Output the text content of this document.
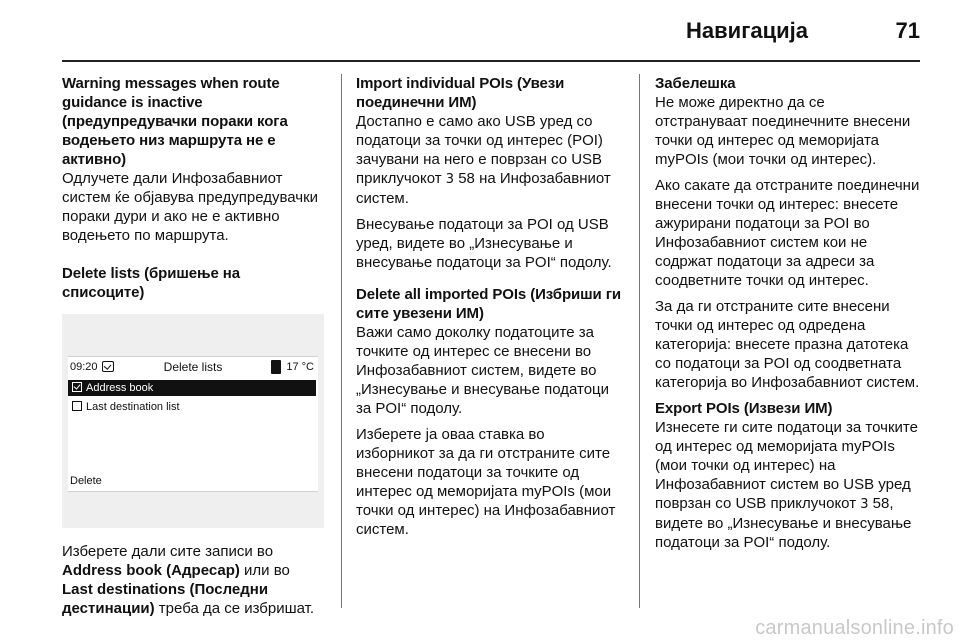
Навигација	71
Warning messages when route guidance is inactive (предупредувачки пораки кога водењето низ маршрута не е активно)
Одлучете дали Инфозабавниот систем ќе објавува предупредувачки пораки дури и ако не е активно водењето по маршрута.
Delete lists (бришење на списоците)
09:20	Delete lists	17 °C
Address book
Last destination list
Delete
Изберете дали сите записи во Address book (Адресар) или во Last destinations (Последни дестинации) треба да се избришат.
Import individual POIs (Увези поединечни ИМ)
Достапно е само ако USB уред со податоци за точки од интерес (POI) зачувани на него е поврзан со USB приклучокот 3 58 на Инфозабавниот систем.
Внесување податоци за POI од USB уред, видете во „Изнесување и внесување податоци за POI“ подолу.
Delete all imported POIs (Избриши ги сите увезени ИМ)
Важи само доколку податоците за точките од интерес се внесени во Инфозабавниот систем, видете во „Изнесување и внесување податоци за POI“ подолу.
Изберете ја оваа ставка во изборникот за да ги отстраните сите внесени податоци за точките од интерес од меморијата myPOIs (мои точки од интерес) на Инфозабавниот систем.
Забелешка
Не може директно да се отстрануваат поединечните внесени точки од интерес од меморијата myPOIs (мои точки од интерес).
Ако сакате да отстраните поединечни внесени точки од интерес: внесете ажурирани податоци за POI во Инфозабавниот систем кои не содржат податоци за адреси за соодветните точки од интерес.
За да ги отстраните сите внесени точки од интерес од одредена категорија: внесете празна датотека со податоци за POI од соодветната категорија во Инфозабавниот систем.
Export POIs (Извези ИМ)
Изнесете ги сите податоци за точките од интерес од меморијата myPOIs (мои точки од интерес) на Инфозабавниот систем во USB уред поврзан со USB приклучокот 3 58, видете во „Изнесување и внесување податоци за POI“ подолу.
carmanualsonline.info
